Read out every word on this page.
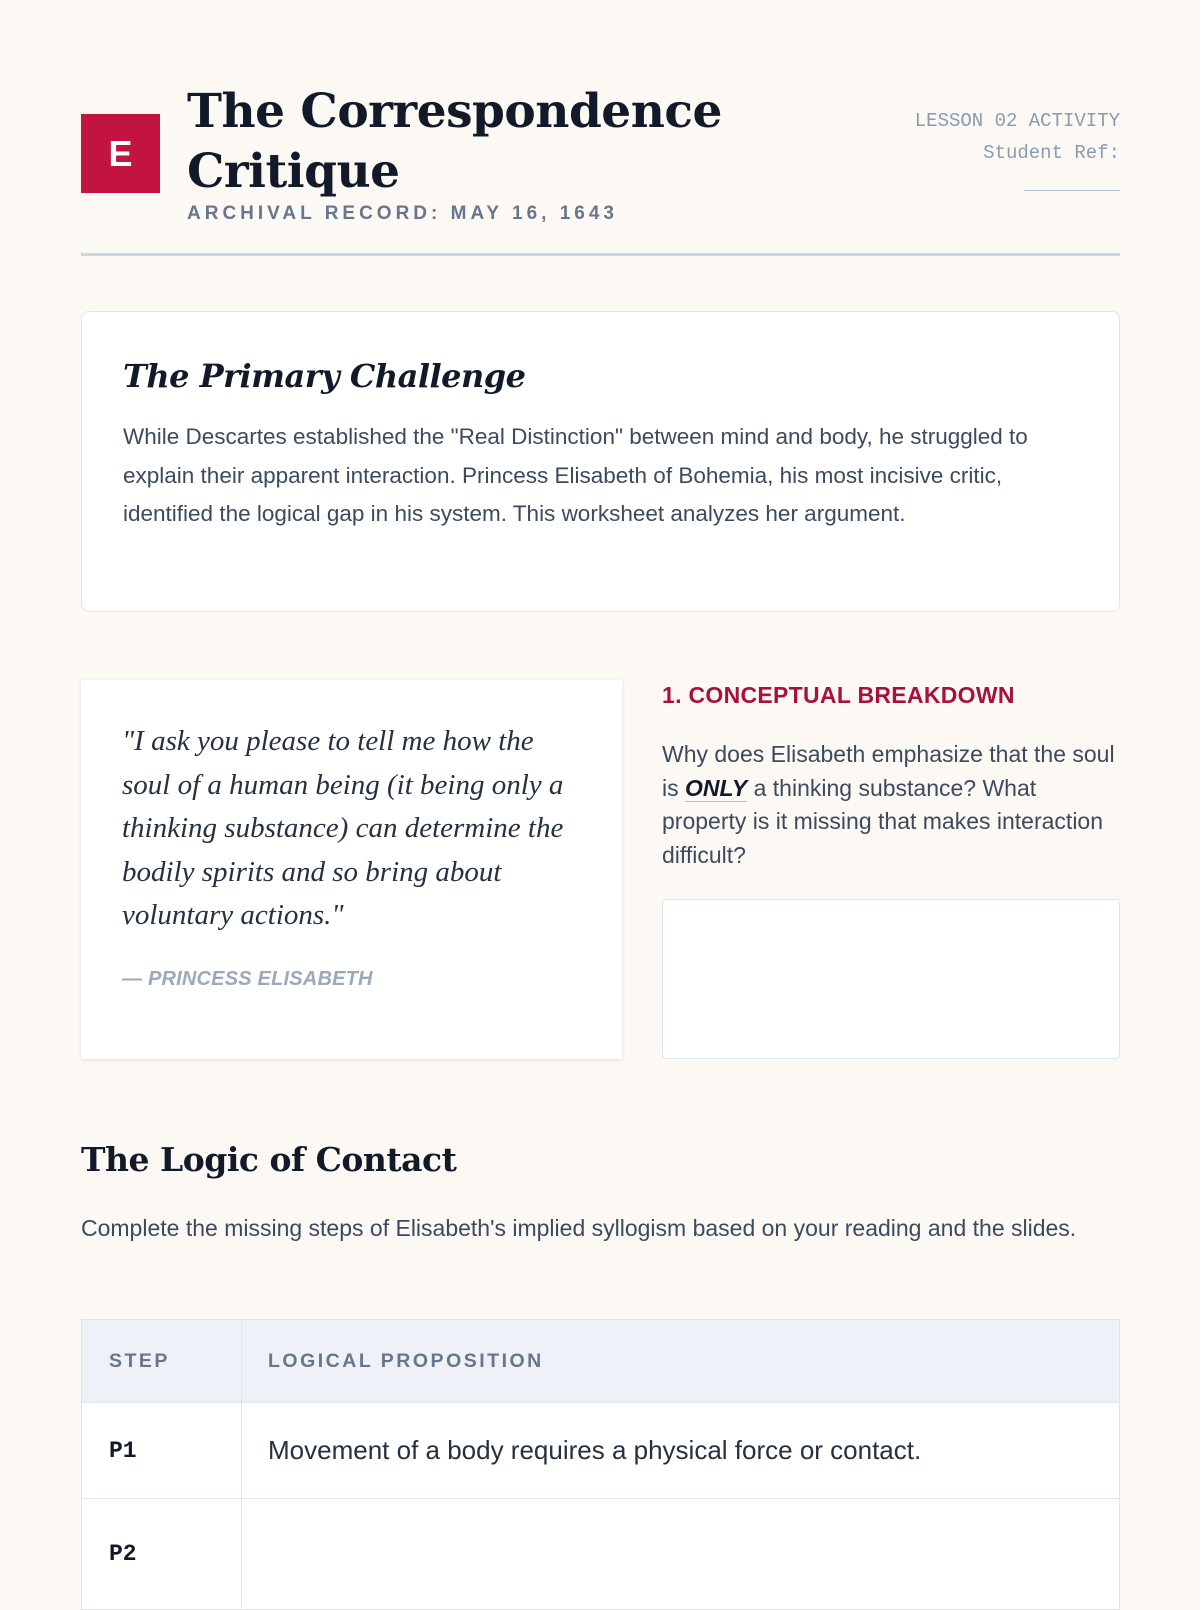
E
The Correspondence Critique
ARCHIVAL RECORD: MAY 16, 1643
LESSON 02 ACTIVITY
Student Ref:
The Primary Challenge

While Descartes established the "Real Distinction" between mind and body, he struggled to explain their apparent interaction. Princess Elisabeth of Bohemia, his most incisive critic, identified the logical gap in his system. This worksheet analyzes her argument.

"I ask you please to tell me how the soul of a human being (it being only a thinking substance) can determine the bodily spirits and so bring about voluntary actions."

— PRINCESS ELISABETH
1. CONCEPTUAL BREAKDOWN

Why does Elisabeth emphasize that the soul is ONLY a thinking substance? What property is it missing that makes interaction difficult?

The Logic of Contact

Complete the missing steps of Elisabeth's implied syllogism based on your reading and the slides.

STEP	LOGICAL PROPOSITION
P1	Movement of a body requires a physical force or contact.
P2	
